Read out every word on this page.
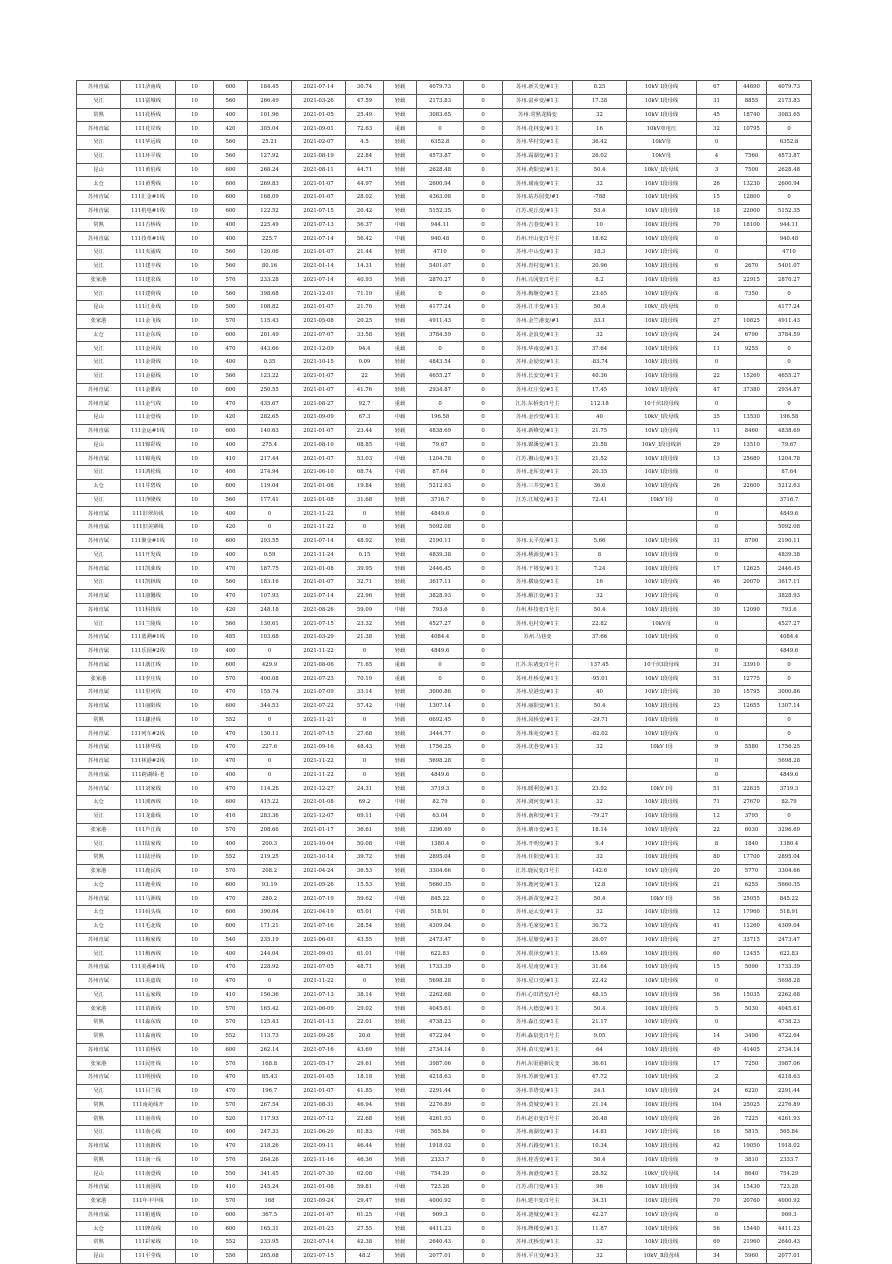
苏州直属	111济南线	10	600	184.45	2021-07-14	30.74	轻载	4079.73	0	苏州.新关变/#1主	8.25	10kV Ⅰ段母线	67	44690	4079.73
吴江	111富城线	10	560	266.49	2021-03-26	47.59	轻载	2173.83	0	苏州.富乡变/#1主	17.38	10kV Ⅰ段母线	31	8855	2173.83
常熟	111花桥线	10	400	101.96	2021-01-05	25.49	轻载	3083.65	0	苏州.常熟龙腾变	32	10kV Ⅰ段母线	45	18740	3083.65
苏州直属	111花岸线	10	420	305.04	2021-09-01	72.63	重载	0	0	苏州.花林变/#1主	16	10kV单电压	32	10795	0
吴江	111华远线	10	560	25.21	2021-02-07	4.5	轻载	6352.8	0	苏州.华村变/#1主	36.42	10kV母	0		6352.8
吴江	111环平线	10	560	127.92	2021-08-19	22.84	轻载	4573.87	0	苏州.霜湖变/#1主	26.02	10kV母	4	7560	4573.87
昆山	111黄伯线	10	600	268.24	2021-08-11	44.71	轻载	2628.48	0	苏州.黄阳变/#1主	50.4	10kV_Ⅰ段母线	3	7500	2628.48
太仓	111黄秀线	10	600	269.83	2021-01-07	44.97	轻载	2600.94	0	苏州.璜南变/#1主	32	10kV Ⅰ段母线	26	13230	2600.94
苏州直属	111汇金#1线	10	600	168.09	2021-01-07	28.02	轻载	4363.08	0	苏州.姑苏园变/#1	-788	10kV Ⅰ段母线	15	12800	0
苏州直属	111机电#1线	10	600	122.52	2021-07-15	20.42	轻载	5152.35	0	江苏.虎丘变/#1主	53.4	10kV Ⅰ段母线	18	22000	5152.35
常熟	111吉桥线	10	400	225.49	2021-07-13	56.37	中载	944.11	0	苏州.吉巷变/#1主	10	10kV Ⅰ段母线	70	18100	944.11
苏州直属	111技革#1线	10	400	225.7	2021-07-14	56.42	中载	940.48	0	苏州.开山变/1号主	18.62	10kV Ⅰ段母线	0		940.48
吴江	111夹浦线	10	560	120.06	2021-01-07	21.44	轻载	4710	0	苏州.中山变/#1主	18.3	10kV Ⅰ段母线	0		4710
吴江	111建丰线	10	560	80.16	2021-01-14	14.31	轻载	5401.07	0	苏州.青村变/#1主	20.96	10kV Ⅰ段母线	6	2670	5401.07
张家港	111建农线	10	570	233.28	2021-07-14	40.93	轻载	2870.27	0	苏州.兴冈变/1号主	8.2	10kV Ⅰ段母线	83	22915	2870.27
吴江	111建荷线	10	560	398.68	2021-12-01	71.19	重载	0	0	苏州.梅堰变/#1主	23.65	10kV Ⅰ段母线	8	7350	0
昆山	111江业线	10	500	108.82	2021-01-07	21.76	轻载	4177.24	0	苏州.江丰变/#1主	50.4	10kV_Ⅰ段母线	0		4177.24
张家港	111金飞线	10	570	115.43	2021-05-08	20.25	轻载	4911.43	0	苏州.金竺港变/#1	33.1	10kV Ⅰ段母线	27	10825	4911.43
太仓	111金东线	10	600	201.49	2021-07-07	33.58	轻载	3784.59	0	苏州.金浪变/#1主	32	10kV Ⅰ段母线	24	6790	3784.59
吴江	111金风线	10	470	443.66	2021-12-09	94.4	重载	0	0	苏州.华南变/#1主	37.64	10kV Ⅰ段母线	11	9255	0
吴江	111金贤线	10	400	0.35	2021-10-15	0.09	轻载	4843.54	0	苏州.金励变/#1主	-83.74	10kV Ⅰ段母线	0		0
吴江	111金福线	10	560	123.22	2021-01-07	22	轻载	4655.27	0	苏州.长安变/#1主	40.36	10kV Ⅰ段母线	22	15260	4655.27
苏州直属	111金都线	10	600	250.55	2021-01-07	41.76	轻载	2934.87	0	苏州.红庄变/#1主	17.45	10kV Ⅰ段母线	47	37380	2934.87
苏州直属	111金气线	10	470	435.67	2021-08-27	92.7	重载	0	0	江苏.东桥变/1号主	112.18	10千伏Ⅰ段母线	0		0
昆山	111金壹线	10	420	282.65	2021-09-09	67.3	中载	196.58	0	苏州.金沙变/#1主	40	10kV_Ⅰ段母线	35	13530	196.58
苏州直属	111金运#1线	10	600	140.63	2021-01-07	23.44	轻载	4838.69	0	苏州.新峰变/#1主	21.75	10kV Ⅰ段母线	11	8460	4838.69
昆山	111锦彩线	10	400	275.4	2021-08-10	68.85	中载	79.67	0	苏州.锦溪变/#1主	21.58	10kV_Ⅰ段母线新	29	13510	79.67
苏州直属	111锦苑线	10	410	217.44	2021-01-07	53.03	中载	1204.78	0	江苏.狮山变/#1主	21.52	10kV Ⅰ段母线	13	25680	1204.78
吴江	111鸿松线	10	400	274.94	2021-06-10	68.74	中载	87.64	0	苏州.北厍变/#1主	20.35	10kV Ⅰ段母线	0		87.64
太仓	111井碧线	10	600	119.04	2021-01-08	19.84	轻载	5212.63	0	苏州.三井变/#1主	36.6	10kV Ⅰ段母线	26	22600	5212.63
吴江	111净隆线	10	560	177.41	2021-01-08	31.68	轻载	3716.7	0	江苏.江城变/#1主	72.41	10kV Ⅰ母	0		3716.7
苏州直属	111旧翠坊线	10	400	0	2021-11-22	0	轻载	4849.6	0				0		4849.6
苏州直属	111旧美寨线	10	420	0	2021-11-22	0	轻载	5092.08	0				0		5092.08
苏州直属	111聚金#1线	10	600	293.55	2021-07-14	48.92	轻载	2190.11	0	苏州.太平变/#1主	5.66	10kV Ⅰ段母线	31	8790	2190.11
吴江	111开发线	10	400	0.59	2021-11-24	0.15	轻载	4839.38	0	苏州.桃源变/#1主	8	10kV Ⅰ段母线	0		4839.38
苏州直属	111凯莱线	10	470	187.75	2021-01-08	39.95	轻载	2446.45	0	苏州.干将变/#1主	7.24	10kV Ⅰ段母线	17	12625	2446.45
吴江	111凯林线	10	560	183.16	2021-01-07	32.71	轻载	3617.11	0	苏州.横扇变/#1主	16	10kV Ⅰ段母线	46	20070	3617.11
苏州直属	111康馨线	10	470	107.93	2021-07-14	22.96	轻载	3828.93	0	苏州.解江变/#1主	32	10kV Ⅰ段母线	0		3828.93
苏州直属	111科技线	10	420	248.18	2021-08-26	59.09	中载	793.6	0	苏州.科技变/1号主	50.4	10kV Ⅰ段母线	30	12090	793.6
吴江	111兰陵线	10	560	130.61	2021-07-15	23.32	轻载	4527.27	0	苏州.屯村变/#1主	22.82	10kV母	0		4527.27
苏州直属	111蓝溯#1线	10	485	103.68	2021-03-29	21.38	轻载	4084.4	0	苏州.马巷变	37.66	10kV Ⅰ段母线	0		4084.4
苏州直属	111乐园#2线	10	400	0	2021-11-22	0	轻载	4849.6	0				0		4849.6
苏州直属	111漓江线	10	600	429.9	2021-08-06	71.65	重载	0	0	江苏.东诸变/1号主	137.45	10千伏Ⅰ段母线	31	33910	0
张家港	111李庄线	10	570	400.08	2021-07-23	70.19	重载	0	0	苏州.杜桥变/#1主	-95.01	10kV Ⅰ段母线	51	12775	0
苏州直属	111里河线	10	470	155.74	2021-07-09	33.14	轻载	3000.86	0	苏州.星港变/#1主	40	10kV Ⅰ段母线	30	15795	3000.86
苏州直属	111丽阳线	10	600	344.53	2021-07-22	57.42	中载	1307.14	0	苏州.丽阳变/#1主	50.4	10kV Ⅰ段母线	23	12655	1307.14
常熟	111濂泾线	10	552	0	2021-11-21	0	轻载	6692.45	0	苏州.凤桥变/#1主	-29.71	10kV Ⅰ段母线	0		0
苏州直属	111列车#2线	10	470	130.11	2021-07-15	27.68	轻载	3444.77	0	苏州.珠苑变/#1主	-82.02	10kV Ⅰ段母线	0		0
苏州直属	111林华线	10	470	227.6	2021-09-16	48.43	轻载	1756.25	0	苏州.沈巷变/#1主	32	10kV Ⅰ母	9	5580	1756.25
苏州直属	111林港#2线	10	470	0	2021-11-22	0	轻载	5698.28	0				0		5698.28
苏州直属	111跨湖线-老	10	400	0	2021-11-22	0	轻载	4849.6	0				0		4849.6
苏州直属	111刘家线	10	470	114.26	2021-12-27	24.31	轻载	3719.3	0	苏州.暖利变/#1主	23.92	10kV Ⅰ母	51	22635	3719.3
太仓	111浏西线	10	600	415.22	2021-01-08	69.2	中载	82.79	0	苏州.浏河变/#1主	32	10kV Ⅰ段母线	71	27670	82.79
吴江	111龙茹线	10	410	283.36	2021-12-07	69.11	中载	63.04	0	苏州.南和变/#1主	-79.27	10kV Ⅰ段母线	12	3795	0
张家港	111芦江线	10	570	208.66	2021-01-17	36.61	轻载	3296.69	0	苏州.塘市变/#1主	18.14	10kV Ⅰ段母线	22	6030	3296.69
吴江	111陆家线	10	400	200.3	2021-10-04	50.08	中载	1380.4	0	苏州.开明变/#1主	9.4	10kV Ⅰ段母线	8	1840	1380.4
常熟	111陆泾线	10	552	219.25	2021-10-14	39.72	轻载	2895.04	0	苏州.任阳变/#1主	32	10kV Ⅰ段母线	80	17700	2895.04
张家港	111鹿民线	10	570	208.2	2021-04-24	36.53	轻载	3304.66	0	江苏.鹿民变/1号主	142.6	10kV Ⅰ段母线	20	5770	3304.66
太仓	111鹿业线	10	600	93.19	2021-05-26	15.53	轻载	5660.35	0	苏州.鹿河变/#1主	12.8	10kV Ⅰ段母线	21	6255	5660.35
苏州直属	111马洲线	10	470	280.2	2021-07-19	59.62	中载	845.22	0	苏州.新苗变/#2主	50.4	10kV Ⅰ母	56	25055	845.22
太仓	111码头线	10	600	390.04	2021-04-19	65.01	中载	518.91	0	苏州.运太变/#1主	32	10kV Ⅰ段母线	12	17960	518.91
太仓	111毛北线	10	600	171.21	2021-07-16	28.54	轻载	4309.04	0	苏州.毛家变/#1主	30.72	10kV Ⅰ段母线	41	11260	4309.04
苏州直属	111梅家线	10	540	235.19	2021-06-01	43.55	轻载	2473.47	0	苏州.星塘变/#1主	26.07	10kV Ⅰ段母线	27	33715	2473.47
吴江	111梅西线	10	400	244.04	2021-09-01	61.01	中载	622.83	0	苏州.震泽变/#1主	15.69	10kV Ⅰ段母线	60	12455	622.83
苏州直属	111美番#1线	10	470	228.92	2021-07-05	48.71	轻载	1733.39	0	苏州.星南变/#1主	31.64	10kV Ⅰ段母线	15	5090	1733.39
苏州直属	111美嘉线	10	470	0	2021-11-22	0	轻载	5698.28	0	苏州.星口变/#1主	22.42	10kV Ⅰ段母线	0		5698.28
吴江	111孟家线	10	410	156.36	2021-07-13	38.14	轻载	2262.68	0	苏州.心田湾变/1号	48.15	10kV Ⅰ段母线	56	15035	2262.68
张家港	111苗新线	10	570	165.42	2021-06-09	29.02	轻载	4045.61	0	苏州.大德变/#1主	50.4	10kV Ⅰ段母线	5	5030	4045.61
常熟	111淼东线	10	570	125.43	2021-01-13	22.01	轻载	4738.23	0	苏州.淼江变/#1主	21.17	10kV Ⅰ段母线	0		4738.23
常熟	111淼南线	10	552	113.73	2021-09-28	20.6	轻载	4722.64	0	苏州.淼泉变/1号主	9.05	10kV Ⅰ段母线	14	3490	4722.64
苏州直属	111苗桥线	10	600	262.14	2021-07-16	43.69	轻载	2734.14	0	苏州.苗庄变/#1主	64	10kV Ⅰ段母线	49	41405	2734.14
张家港	111民旺线	10	570	168.8	2021-05-17	29.61	轻载	3987.06	0	苏州.东渠港新民变	36.61	10kV Ⅰ段母线	17	7250	3987.06
苏州直属	111明扬线	10	470	85.43	2021-01-05	18.18	轻载	4218.63	0	苏州.苏新变/#1主	47.72	10kV Ⅰ段母线	2		4218.63
吴江	111目兰线	10	470	196.7	2021-01-07	41.85	轻载	2291.44	0	苏州.莘塔变/#1主	24.1	10kV Ⅰ段母线	24	6220	2291.44
常熟	111南苑线开	10	570	267.54	2021-08-31	46.94	轻载	2276.89	0	苏州.莫城变/#1主	21.14	10kV Ⅰ段母线	104	25025	2276.89
常熟	111南帝线	10	520	117.93	2021-07-12	22.68	轻载	4261.93	0	苏州.赵市变/1号主	20.48	10kV Ⅰ段母线	26	7225	4261.93
吴江	111南心线	10	400	247.33	2021-06-20	61.83	中载	565.84	0	苏州.南湖变/#1主	14.81	10kV Ⅰ段母线	16	5815	565.84
苏州直属	111南新线	10	470	218.26	2021-09-11	46.44	轻载	1918.02	0	苏州.石路变/#1主	10.34	10kV Ⅰ段母线	42	19050	1918.02
常熟	111南一线	10	570	264.26	2021-11-16	46.36	轻载	2333.7	0	苏州.桂香变/#1主	50.4	10kV Ⅰ段母线	9	3810	2333.7
昆山	111南壹线	10	550	341.45	2021-07-30	62.08	中载	754.29	0	苏州.南港变/#1主	28.52	10kV_Ⅰ段母线	14	8640	754.29
苏州直属	111南园线	10	410	245.24	2021-01-08	59.81	中载	723.28	0	江苏.莳门变/#1主	96	10kV Ⅰ段母线	34	15430	723.28
张家港	111年丰甲线	10	570	168	2021-09-24	29.47	轻载	4000.92	0	苏州.建丰变/1号主	34.31	10kV Ⅰ段母线	70	20760	4000.92
苏州直属	111帕通线	10	600	367.5	2021-01-07	61.25	中载	909.3	0	苏州.涟城变/#1主	42.27	10kV Ⅰ段母线	0		909.3
太仓	111牌东线	10	600	165.31	2021-01-23	27.55	轻载	4411.23	0	苏州.牌楼变/#1主	11.87	10kV Ⅰ段母线	56	15440	4411.23
常熟	111彩家线	10	552	233.95	2021-07-14	42.38	轻载	2640.43	0	苏州.沈桥变/#1主	32	10kV Ⅰ段母线	69	21960	2640.43
昆山	111平莹线	10	550	265.08	2021-07-15	48.2	轻载	2077.01	0	苏州.平庄变/#3主	32	10kV_Ⅱ段母线	34	5960	2077.01
